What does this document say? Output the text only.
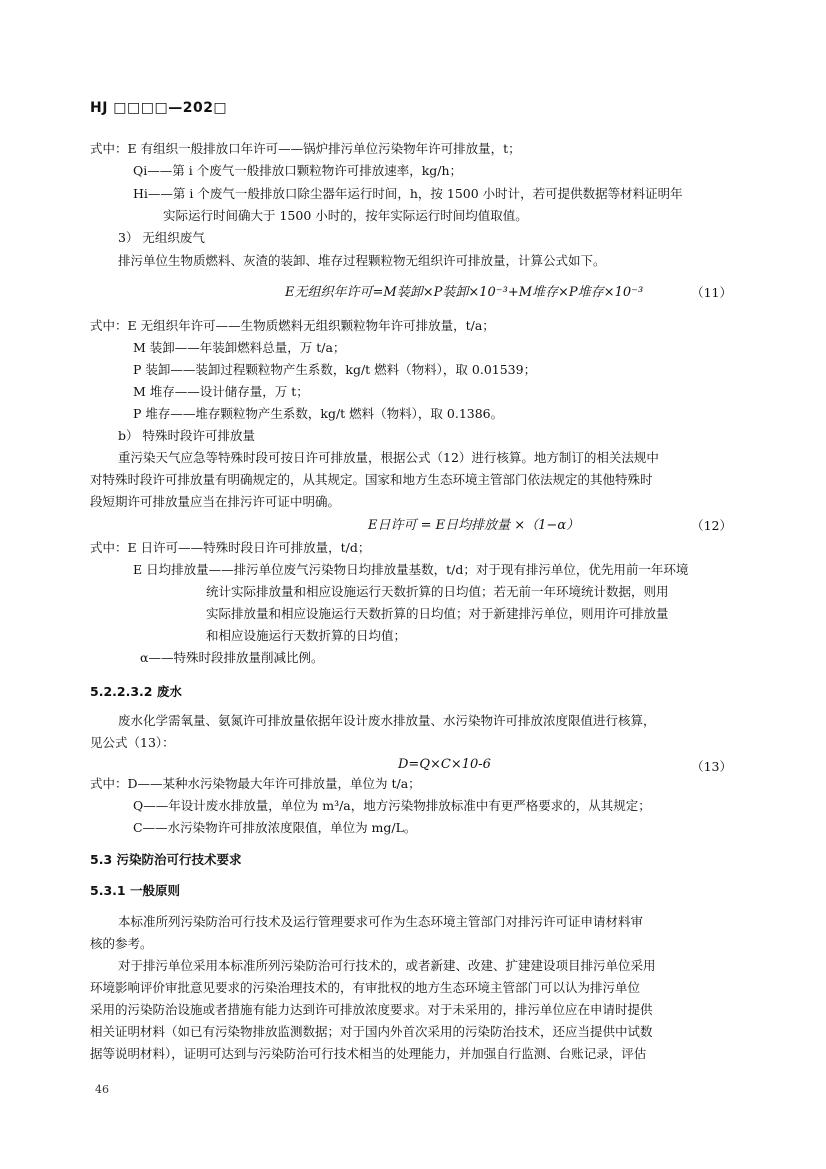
HJ □□□□—202□
式中：E 有组织一般排放口年许可——锅炉排污单位污染物年许可排放量，t；
Qi——第 i 个废气一般排放口颗粒物许可排放速率，kg/h；
Hi——第 i 个废气一般排放口除尘器年运行时间，h，按 1500 小时计，若可提供数据等材料证明年
实际运行时间确大于 1500 小时的，按年实际运行时间均值取值。
3） 无组织废气
排污单位生物质燃料、灰渣的装卸、堆存过程颗粒物无组织许可排放量，计算公式如下。
E无组织年许可=M装卸×P装卸×10⁻³+M堆存×P堆存×10⁻³	（11）
式中：E 无组织年许可——生物质燃料无组织颗粒物年许可排放量，t/a；
M 装卸——年装卸燃料总量，万 t/a；
P 装卸——装卸过程颗粒物产生系数，kg/t 燃料（物料），取 0.01539；
M 堆存——设计储存量，万 t；
P 堆存——堆存颗粒物产生系数，kg/t 燃料（物料），取 0.1386。
b） 特殊时段许可排放量
重污染天气应急等特殊时段可按日许可排放量，根据公式（12）进行核算。地方制订的相关法规中
对特殊时段许可排放量有明确规定的，从其规定。国家和地方生态环境主管部门依法规定的其他特殊时
段短期许可排放量应当在排污许可证中明确。
E日许可 = E日均排放量 ×（1−α）	（12）
式中：E 日许可——特殊时段日许可排放量，t/d；
E 日均排放量——排污单位废气污染物日均排放量基数，t/d；对于现有排污单位，优先用前一年环境
统计实际排放量和相应设施运行天数折算的日均值；若无前一年环境统计数据，则用
实际排放量和相应设施运行天数折算的日均值；对于新建排污单位，则用许可排放量
和相应设施运行天数折算的日均值；
α——特殊时段排放量削减比例。
5.2.2.3.2 废水
废水化学需氧量、氨氮许可排放量依据年设计废水排放量、水污染物许可排放浓度限值进行核算，
见公式（13）：
D=Q×C×10-6	（13）
式中：D——某种水污染物最大年许可排放量，单位为 t/a；
Q——年设计废水排放量，单位为 m³/a，地方污染物排放标准中有更严格要求的，从其规定；
C——水污染物许可排放浓度限值，单位为 mg/L。
5.3 污染防治可行技术要求
5.3.1 一般原则
本标准所列污染防治可行技术及运行管理要求可作为生态环境主管部门对排污许可证申请材料审
核的参考。
对于排污单位采用本标准所列污染防治可行技术的，或者新建、改建、扩建建设项目排污单位采用
环境影响评价审批意见要求的污染治理技术的，有审批权的地方生态环境主管部门可以认为排污单位
采用的污染防治设施或者措施有能力达到许可排放浓度要求。对于未采用的，排污单位应在申请时提供
相关证明材料（如已有污染物排放监测数据；对于国内外首次采用的污染防治技术，还应当提供中试数
据等说明材料），证明可达到与污染防治可行技术相当的处理能力，并加强自行监测、台账记录，评估
46
